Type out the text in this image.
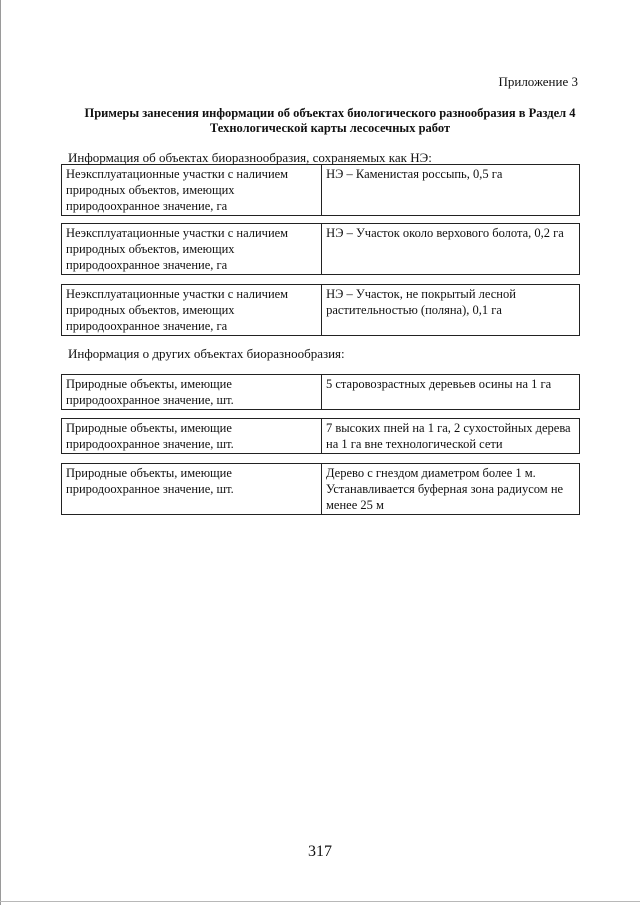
Приложение 3
Примеры занесения информации об объектах биологического разнообразия в Раздел 4
Технологической карты лесосечных работ
Информация об объектах биоразнообразия, сохраняемых как НЭ:
Неэксплуатационные участки с наличием природных объектов, имеющих природоохранное значение, га	НЭ – Каменистая россыпь, 0,5 га
Неэксплуатационные участки с наличием природных объектов, имеющих природоохранное значение, га	НЭ – Участок около верхового болота, 0,2 га
Неэксплуатационные участки с наличием природных объектов, имеющих природоохранное значение, га	НЭ – Участок, не покрытый лесной растительностью (поляна), 0,1 га
Информация о других объектах биоразнообразия:
Природные объекты, имеющие природоохранное значение, шт.	5 старовозрастных деревьев осины на 1 га
Природные объекты, имеющие природоохранное значение, шт.	7 высоких пней на 1 га, 2 сухостойных дерева на 1 га вне технологической сети
Природные объекты, имеющие природоохранное значение, шт.	Дерево с гнездом диаметром более 1 м. Устанавливается буферная зона радиусом не менее 25 м
317
